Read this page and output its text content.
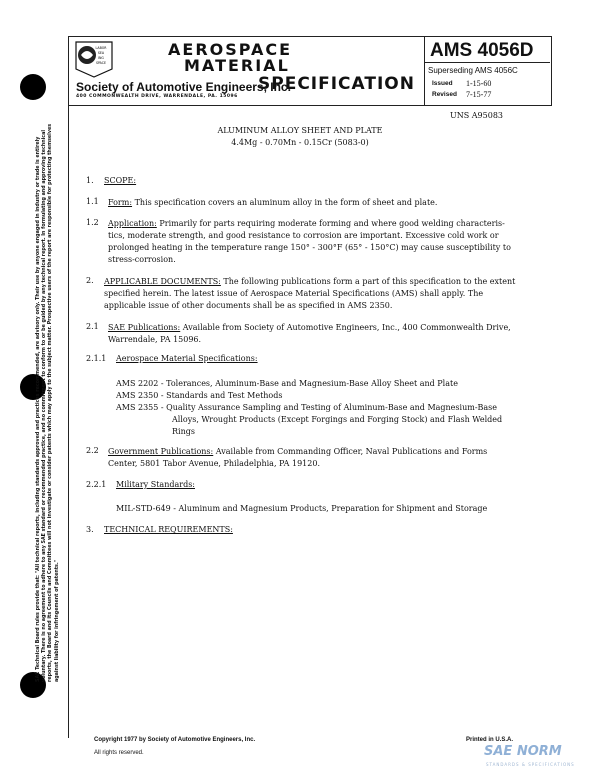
LABOR
SEA
ING
SPACE
AEROSPACE
MATERIAL
Society of Automotive Engineers, Inc.
SPECIFICATION
400 COMMONWEALTH DRIVE, WARRENDALE, PA. 15096
AMS 4056D
Superseding AMS 4056C
Issued 1-15-60
Revised 7-15-77
UNS A95083
ALUMINUM ALLOY SHEET AND PLATE
4.4Mg - 0.70Mn - 0.15Cr (5083-0)
1. SCOPE:
1.1 Form: This specification covers an aluminum alloy in the form of sheet and plate.
1.2 Application: Primarily for parts requiring moderate forming and where good welding characteris-
tics, moderate strength, and good resistance to corrosion are important. Excessive cold work or
prolonged heating in the temperature range 150° - 300°F (65° - 150°C) may cause susceptibility to
stress-corrosion.
2. APPLICABLE DOCUMENTS: The following publications form a part of this specification to the extent
specified herein. The latest issue of Aerospace Material Specifications (AMS) shall apply. The
applicable issue of other documents shall be as specified in AMS 2350.
2.1 SAE Publications: Available from Society of Automotive Engineers, Inc., 400 Commonwealth Drive,
Warrendale, PA 15096.
2.1.1 Aerospace Material Specifications:
AMS 2202 - Tolerances, Aluminum-Base and Magnesium-Base Alloy Sheet and Plate
AMS 2350 - Standards and Test Methods
AMS 2355 - Quality Assurance Sampling and Testing of Aluminum-Base and Magnesium-Base
Alloys, Wrought Products (Except Forgings and Forging Stock) and Flash Welded
Rings
2.2 Government Publications: Available from Commanding Officer, Naval Publications and Forms
Center, 5801 Tabor Avenue, Philadelphia, PA 19120.
2.2.1 Military Standards:
MIL-STD-649 - Aluminum and Magnesium Products, Preparation for Shipment and Storage
3. TECHNICAL REQUIREMENTS:
SAE Technical Board rules provide that: "All technical reports, including standards approved and practices recommended, are advisory only. Their use by anyone engaged in industry or trade is entirely voluntary. There is no agreement to adhere to any SAE standard or recommended practice, and no commitment to conform to or be guided by any technical report. In formulating and approving technical reports, the Board and its Councils and Committees will not investigate or consider patents which may apply to the subject matter. Prospective users of the report are responsible for protecting themselves against liability for infringement of patents."
Copyright 1977 by Society of Automotive Engineers, Inc.
All rights reserved.
Printed in U.S.A.
SAE NORM
STANDARDS & SPECIFICATIONS
